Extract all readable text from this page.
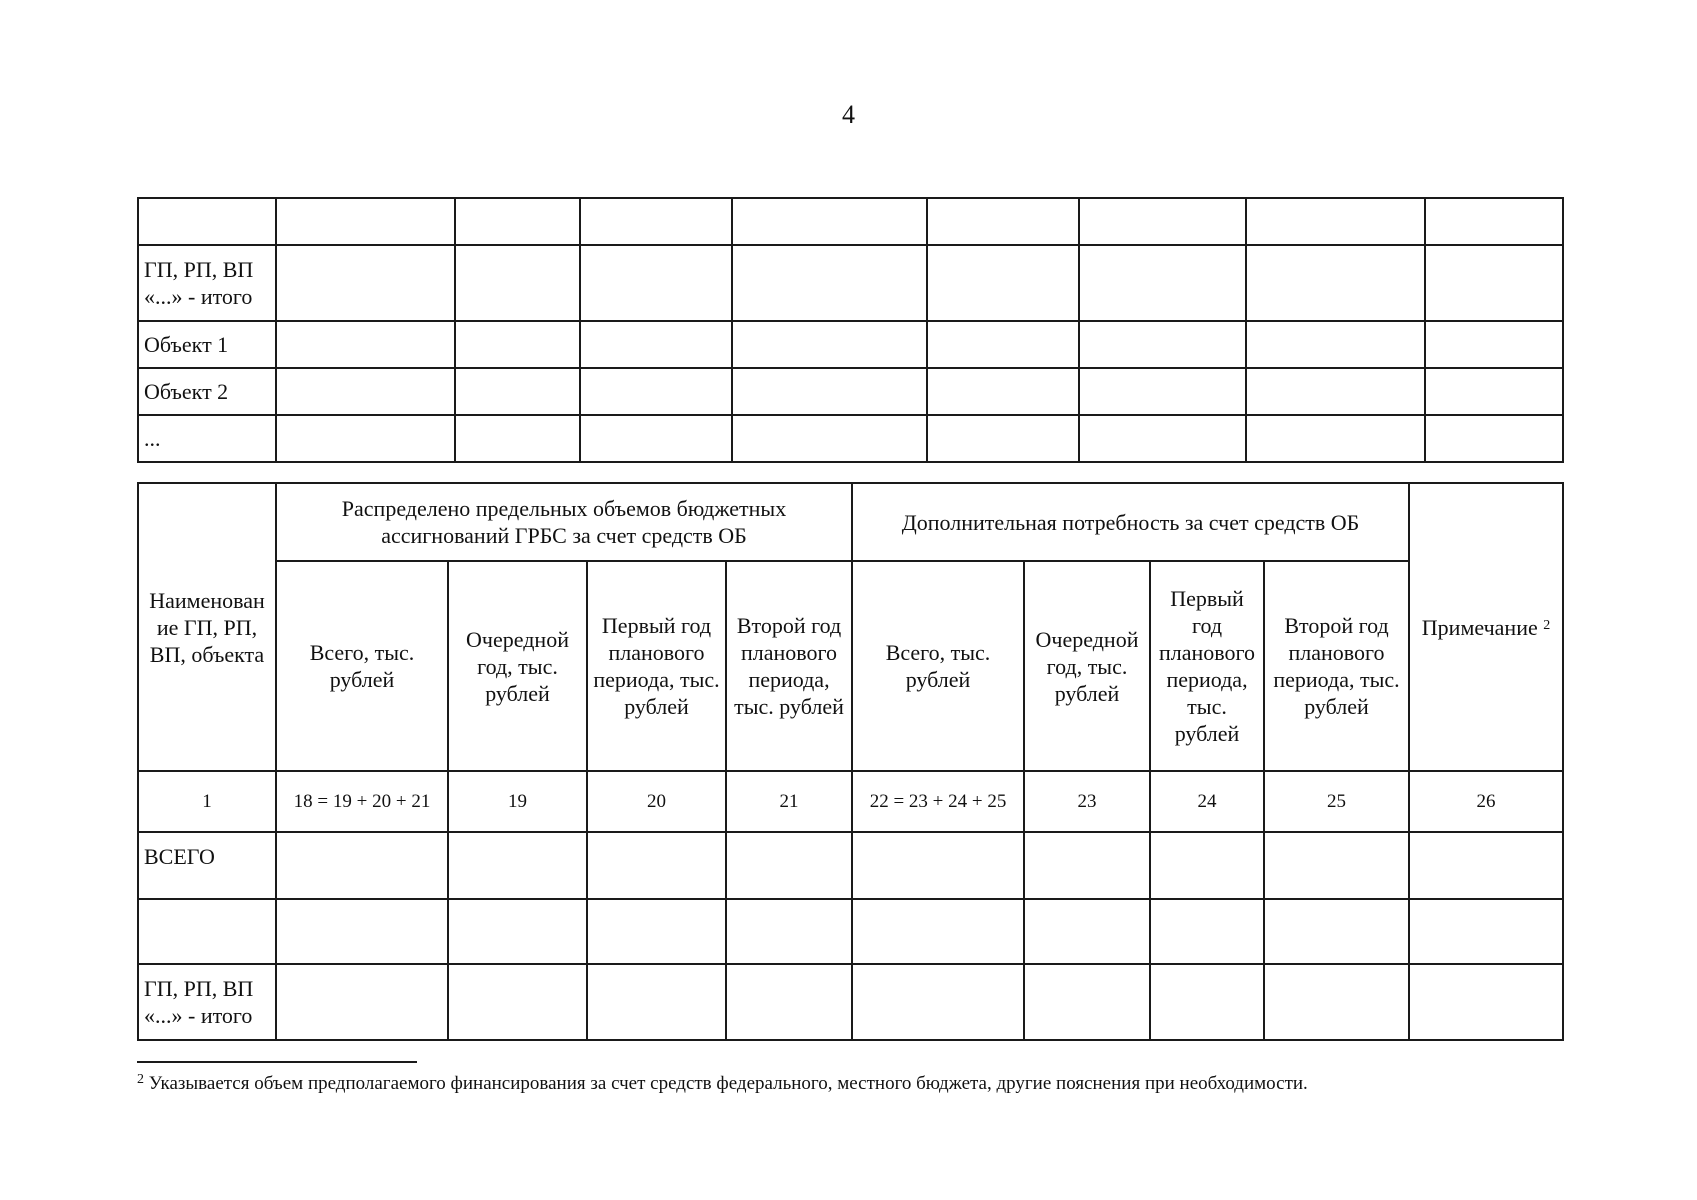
4

ГП, РП, ВП «...» - итого								
Объект 1								
Объект 2								
...								
Наименован ие ГП, РП, ВП, объекта	Распределено предельных объемов бюджетных ассигнований ГРБС за счет средств ОБ				Дополнительная потребность за счет средств ОБ				Примечание $^2$
	Всего, тыс. рублей	Очередной год, тыс. рублей	Первый год планового периода, тыс. рублей	Второй год планового периода, тыс. рублей	Всего, тыс. рублей	Очередной год, тыс. рублей	Первый год планового периода, тыс. рублей	Второй год планового периода, тыс. рублей	
1	18 = 19 + 20 + 21	19	20	21	22 = 23 + 24 + 25	23	24	25	26
ВСЕГО									

ГП, РП, ВП «...» - итого									
$^2$ Указывается объем предполагаемого финансирования за счет средств федерального, местного бюджета, другие пояснения при необходимости.
